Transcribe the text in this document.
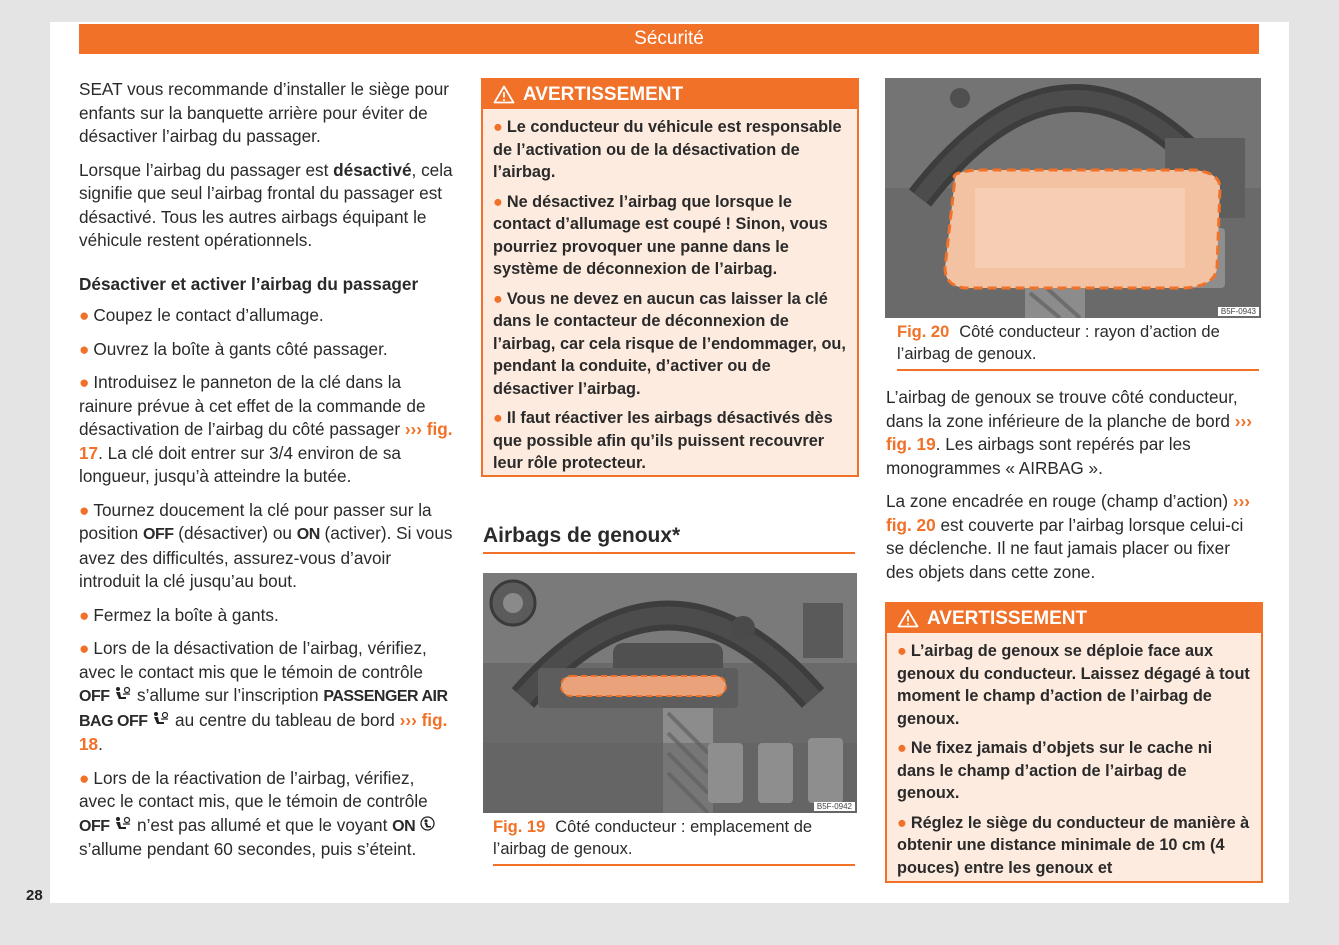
Sécurité
28

SEAT vous recommande d’installer le siège pour enfants sur la banquette arrière pour éviter de désactiver l’airbag du passager.

Lorsque l’airbag du passager est désactivé, cela signifie que seul l’airbag frontal du passager est désactivé. Tous les autres airbags équipant le véhicule restent opérationnels.

Désactiver et activer l’airbag du passager

● Coupez le contact d’allumage.

● Ouvrez la boîte à gants côté passager.

● Introduisez le panneton de la clé dans la rainure prévue à cet effet de la commande de désactivation de l’airbag du côté passager ››› fig. 17. La clé doit entrer sur 3/4 environ de sa longueur, jusqu’à atteindre la butée.

● Tournez doucement la clé pour passer sur la position OFF (désactiver) ou ON (activer). Si vous avez des difficultés, assurez-vous d’avoir introduit la clé jusqu’au bout.

● Fermez la boîte à gants.

● Lors de la désactivation de l’airbag, vérifiez, avec le contact mis que le témoin de contrôle OFF  s’allume sur l’inscription PASSENGER AIR BAG OFF  au centre du tableau de bord ››› fig. 18.

● Lors de la réactivation de l’airbag, vérifiez, avec le contact mis, que le témoin de contrôle OFF  n’est pas allumé et que le voyant ON  s’allume pendant 60 secondes, puis s’éteint.

AVERTISSEMENT

● Le conducteur du véhicule est responsable de l’activation ou de la désactivation de l’airbag.

● Ne désactivez l’airbag que lorsque le contact d’allumage est coupé ! Sinon, vous pourriez provoquer une panne dans le système de déconnexion de l’airbag.

● Vous ne devez en aucun cas laisser la clé dans le contacteur de déconnexion de l’airbag, car cela risque de l’endommager, ou, pendant la conduite, d’activer ou de désactiver l’airbag.

● Il faut réactiver les airbags désactivés dès que possible afin qu’ils puissent recouvrer leur rôle protecteur.

Airbags de genoux*
B5F-0942
Fig. 19 Côté conducteur : emplacement de l’airbag de genoux.
B5F-0943
Fig. 20 Côté conducteur : rayon d’action de l’airbag de genoux.

L’airbag de genoux se trouve côté conducteur, dans la zone inférieure de la planche de bord ››› fig. 19. Les airbags sont repérés par les monogrammes « AIRBAG ».

La zone encadrée en rouge (champ d’action) ››› fig. 20 est couverte par l’airbag lorsque celui-ci se déclenche. Il ne faut jamais placer ou fixer des objets dans cette zone.

AVERTISSEMENT

● L’airbag de genoux se déploie face aux genoux du conducteur. Laissez dégagé à tout moment le champ d’action de l’airbag de genoux.

● Ne fixez jamais d’objets sur le cache ni dans le champ d’action de l’airbag de genoux.

● Réglez le siège du conducteur de manière à obtenir une distance minimale de 10 cm (4 pouces) entre les genoux et
